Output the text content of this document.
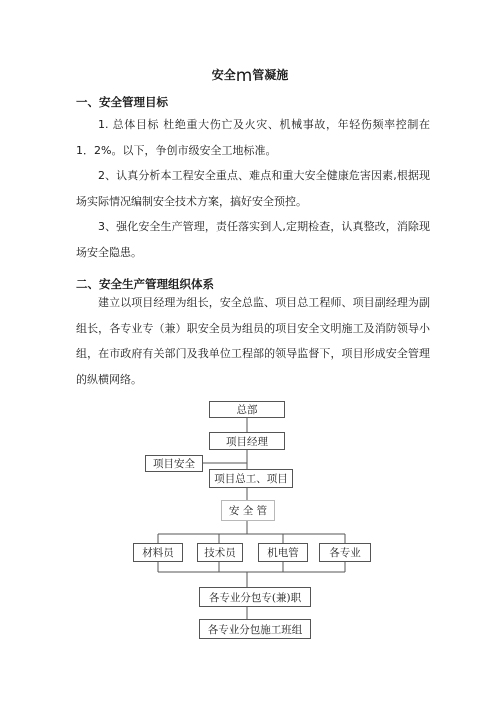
安全m管凝施
一、安全管理目标
1. 总体目标 杜绝重大伤亡及火灾、机械事故，年轻伤频率控制在1．2%。以下，争创市级安全工地标准。
2、认真分析本工程安全重点、难点和重大安全健康危害因素,根据现场实际情况编制安全技术方案，搞好安全预控。
3、强化安全生产管理，责任落实到人,定期检查，认真整改，消除现场安全隐患。
二、安全生产管理组织体系
建立以项目经理为组长，安全总监、项目总工程师、项目副经理为副组长，各专业专（兼）职安全员为组员的项目安全文明施工及消防领导小组，在市政府有关部门及我单位工程部的领导监督下，项目形成安全管理的纵横网络。
总部
项目经理
项目安全
项目总工、项目
安 全 管
材料员	技术员	机电管	各专业
各专业分包专(兼)职
各专业分包施工班组
